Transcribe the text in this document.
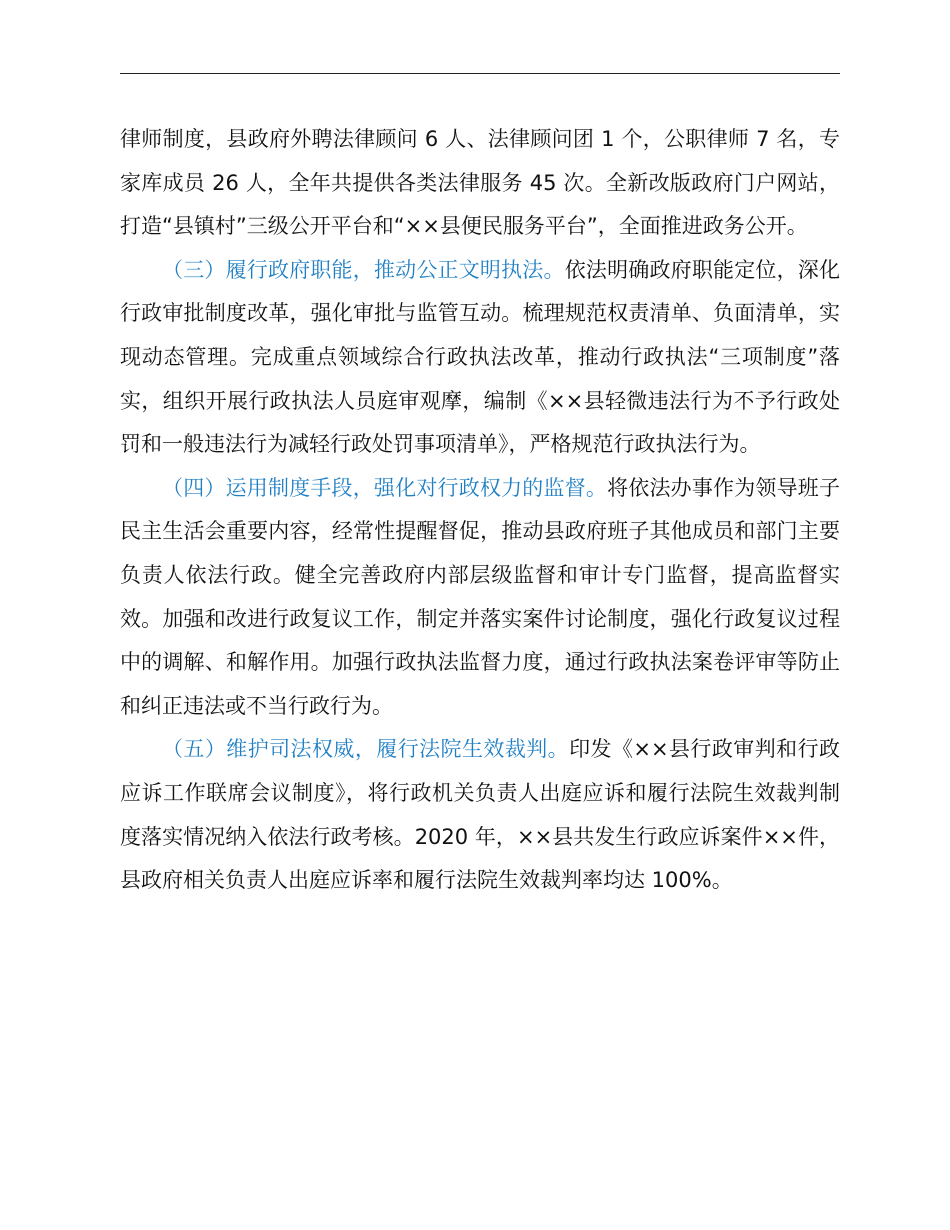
律师制度，县政府外聘法律顾问 6 人、法律顾问团 1 个，公职律师 7 名，专家库成员 26 人，全年共提供各类法律服务 45 次。全新改版政府门户网站，打造“县镇村”三级公开平台和“××县便民服务平台”，全面推进政务公开。

（三）履行政府职能，推动公正文明执法。依法明确政府职能定位，深化行政审批制度改革，强化审批与监管互动。梳理规范权责清单、负面清单，实现动态管理。完成重点领域综合行政执法改革，推动行政执法“三项制度”落实，组织开展行政执法人员庭审观摩，编制《××县轻微违法行为不予行政处罚和一般违法行为减轻行政处罚事项清单》，严格规范行政执法行为。

（四）运用制度手段，强化对行政权力的监督。将依法办事作为领导班子民主生活会重要内容，经常性提醒督促，推动县政府班子其他成员和部门主要负责人依法行政。健全完善政府内部层级监督和审计专门监督，提高监督实效。加强和改进行政复议工作，制定并落实案件讨论制度，强化行政复议过程中的调解、和解作用。加强行政执法监督力度，通过行政执法案卷评审等防止和纠正违法或不当行政行为。

（五）维护司法权威，履行法院生效裁判。印发《××县行政审判和行政应诉工作联席会议制度》，将行政机关负责人出庭应诉和履行法院生效裁判制度落实情况纳入依法行政考核。2020 年，××县共发生行政应诉案件××件，县政府相关负责人出庭应诉率和履行法院生效裁判率均达 100%。
